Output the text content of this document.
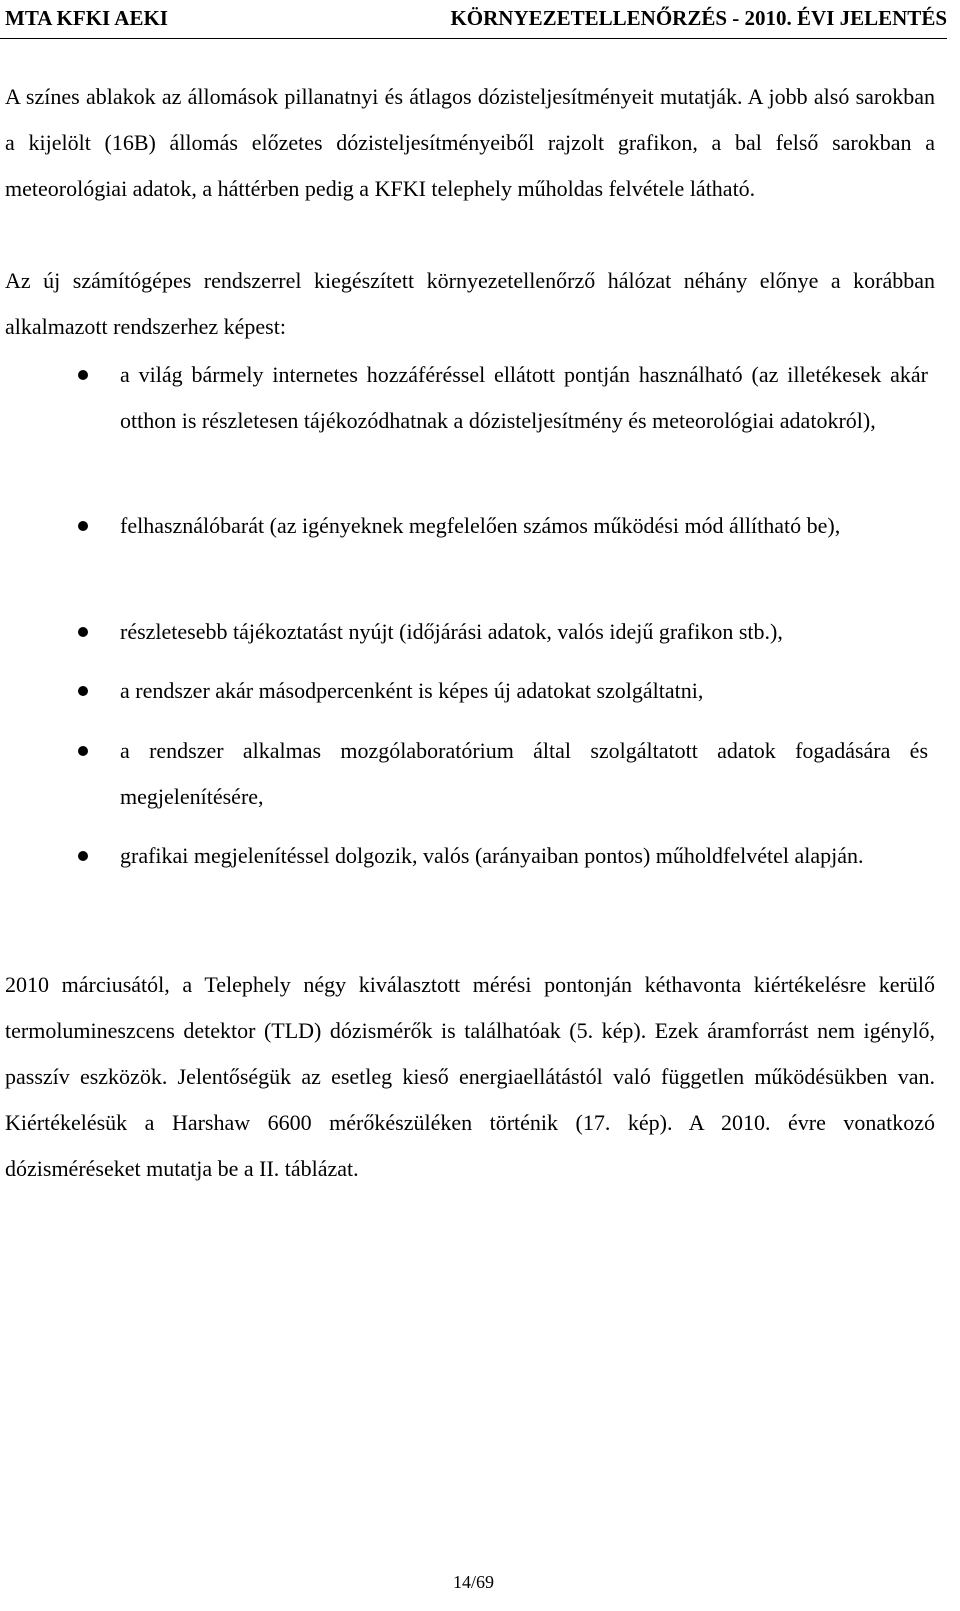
MTA KFKI AEKI	KÖRNYEZETELLENŐRZÉS - 2010. ÉVI JELENTÉS
A színes ablakok az állomások pillanatnyi és átlagos dózisteljesítményeit mutatják. A jobb alsó sarokban a kijelölt (16B) állomás előzetes dózisteljesítményeiből rajzolt grafikon, a bal felső sarokban a meteorológiai adatok, a háttérben pedig a KFKI telephely műholdas felvétele látható.
Az új számítógépes rendszerrel kiegészített környezetellenőrző hálózat néhány előnye a korábban alkalmazott rendszerhez képest:
a világ bármely internetes hozzáféréssel ellátott pontján használható (az illetékesek akár otthon is részletesen tájékozódhatnak a dózisteljesítmény és meteorológiai adatokról),
felhasználóbarát (az igényeknek megfelelően számos működési mód állítható be),
részletesebb tájékoztatást nyújt (időjárási adatok, valós idejű grafikon stb.),
a rendszer akár másodpercenként is képes új adatokat szolgáltatni,
a rendszer alkalmas mozgólaboratórium által szolgáltatott adatok fogadására és megjelenítésére,
grafikai megjelenítéssel dolgozik, valós (arányaiban pontos) műholdfelvétel alapján.
2010 márciusától, a Telephely négy kiválasztott mérési pontonján kéthavonta kiértékelésre kerülő termolumineszcens detektor (TLD) dózismérők is találhatóak (5. kép). Ezek áramforrást nem igénylő, passzív eszközök. Jelentőségük az esetleg kieső energiaellátástól való független működésükben van. Kiértékelésük a Harshaw 6600 mérőkészüléken történik (17. kép). A 2010. évre vonatkozó dózisméréseket mutatja be a II. táblázat.
14/69
